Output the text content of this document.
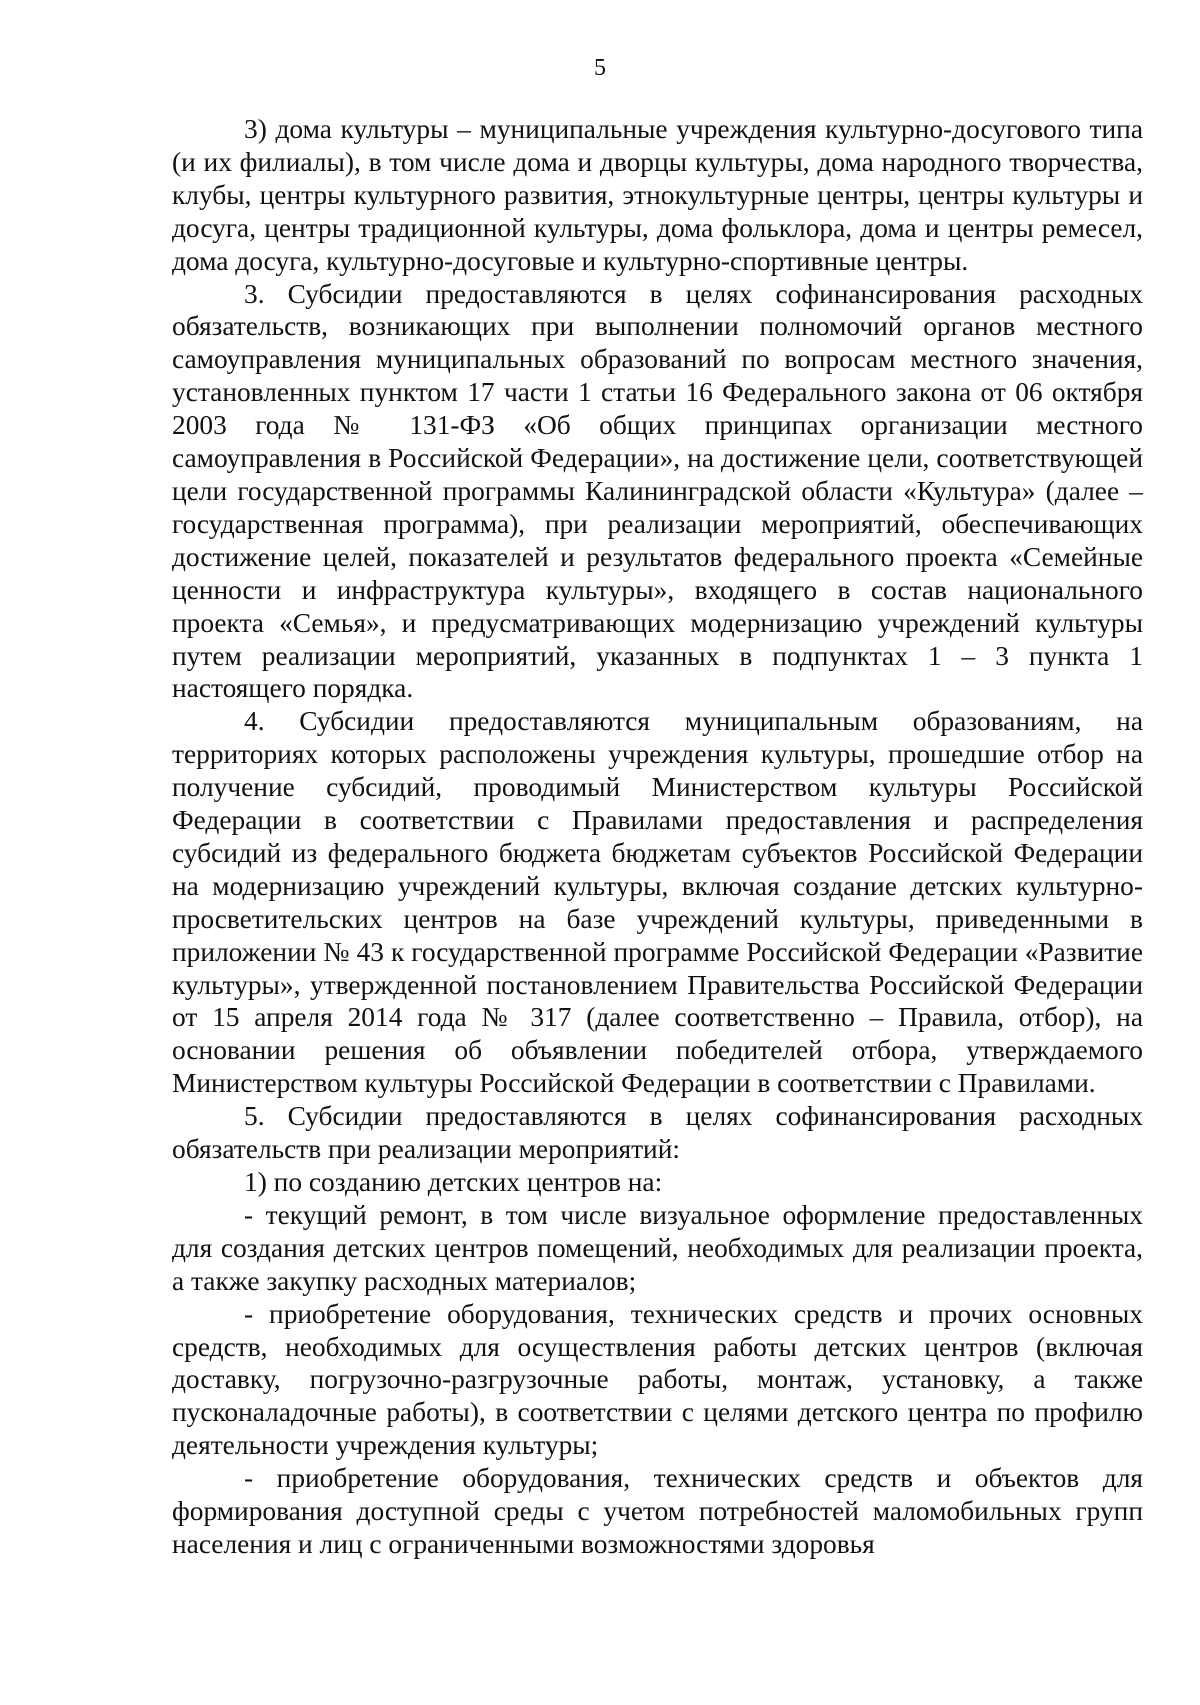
5

3) дома культуры – муниципальные учреждения культурно-досугового типа (и их филиалы), в том числе дома и дворцы культуры, дома народного творчества, клубы, центры культурного развития, этнокультурные центры, центры культуры и досуга, центры традиционной культуры, дома фольклора, дома и центры ремесел, дома досуга, культурно-досуговые и культурно-спортивные центры.

3. Субсидии предоставляются в целях софинансирования расходных обязательств, возникающих при выполнении полномочий органов местного самоуправления муниципальных образований по вопросам местного значения, установленных пунктом 17 части 1 статьи 16 Федерального закона от 06 октября 2003 года № 131-ФЗ «Об общих принципах организации местного самоуправления в Российской Федерации», на достижение цели, соответствующей цели государственной программы Калининградской области «Культура» (далее – государственная программа), при реализации мероприятий, обеспечивающих достижение целей, показателей и результатов федерального проекта «Семейные ценности и инфраструктура культуры», входящего в состав национального проекта «Семья», и предусматривающих модернизацию учреждений культуры путем реализации мероприятий, указанных в подпунктах 1 – 3 пункта 1 настоящего порядка.

4. Субсидии предоставляются муниципальным образованиям, на территориях которых расположены учреждения культуры, прошедшие отбор на получение субсидий, проводимый Министерством культуры Российской Федерации в соответствии с Правилами предоставления и распределения субсидий из федерального бюджета бюджетам субъектов Российской Федерации на модернизацию учреждений культуры, включая создание детских культурно-просветительских центров на базе учреждений культуры, приведенными в приложении № 43 к государственной программе Российской Федерации «Развитие культуры», утвержденной постановлением Правительства Российской Федерации от 15 апреля 2014 года № 317 (далее соответственно – Правила, отбор), на основании решения об объявлении победителей отбора, утверждаемого Министерством культуры Российской Федерации в соответствии с Правилами.

5. Субсидии предоставляются в целях софинансирования расходных обязательств при реализации мероприятий:

1) по созданию детских центров на:

- текущий ремонт, в том числе визуальное оформление предоставленных для создания детских центров помещений, необходимых для реализации проекта, а также закупку расходных материалов;

- приобретение оборудования, технических средств и прочих основных средств, необходимых для осуществления работы детских центров (включая доставку, погрузочно-разгрузочные работы, монтаж, установку, а также пусконаладочные работы), в соответствии с целями детского центра по профилю деятельности учреждения культуры;

- приобретение оборудования, технических средств и объектов для формирования доступной среды с учетом потребностей маломобильных групп населения и лиц с ограниченными возможностями здоровья
